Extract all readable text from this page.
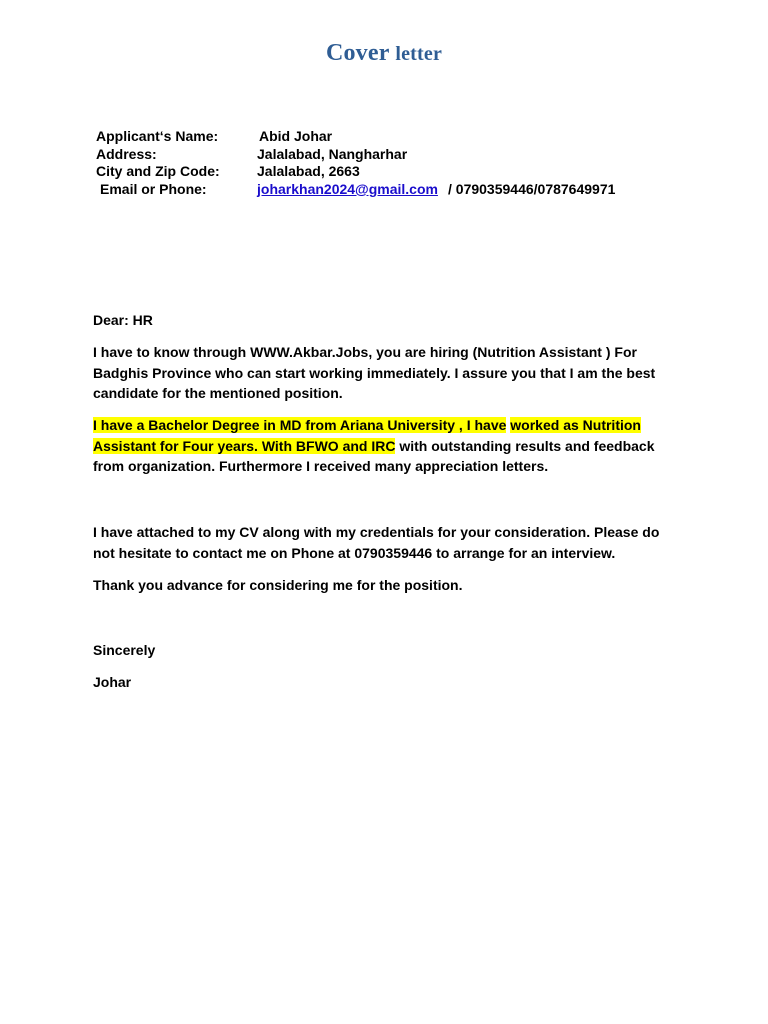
Cover letter
Applicant‘s Name:	Abid Johar
Address:	Jalalabad, Nangharhar
City and Zip Code:	Jalalabad, 2663
Email or Phone:	joharkhan2024@gmail.com / 0790359446/0787649971

Dear: HR

I have to know through WWW.Akbar.Jobs, you are hiring (Nutrition Assistant ) For Badghis Province who can start working immediately. I assure you that I am the best candidate for the mentioned position.

I have a Bachelor Degree in MD from Ariana University , I have worked as Nutrition Assistant for Four years. With BFWO and IRC with outstanding results and feedback from organization. Furthermore I received many appreciation letters.

I have attached to my CV along with my credentials for your consideration. Please do not hesitate to contact me on Phone at 0790359446 to arrange for an interview.

Thank you advance for considering me for the position.

Sincerely

Johar
